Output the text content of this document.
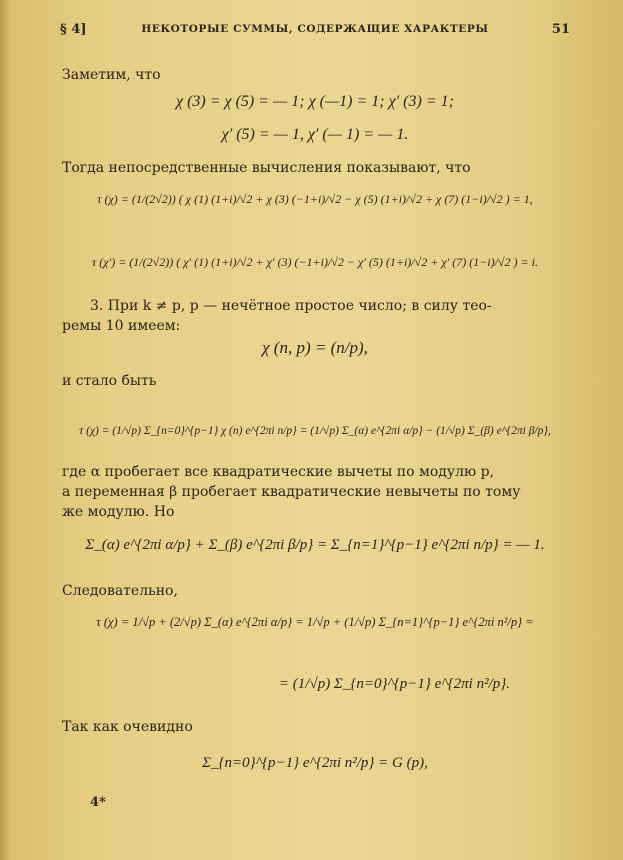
§ 4]	НЕКОТОРЫЕ СУММЫ, СОДЕРЖАЩИЕ ХАРАКТЕРЫ	51
Заметим, что
χ (3) = χ (5) = — 1; χ (—1) = 1; χ′ (3) = 1;
χ′ (5) = — 1, χ′ (— 1) = — 1.
Тогда непосредственные вычисления показывают, что
τ (χ) = (1/(2√2)) ( χ (1) (1+i)/√2 + χ (3) (−1+i)/√2 − χ (5) (1+i)/√2 + χ (7) (1−i)/√2 ) = 1,
τ (χ′) = (1/(2√2)) ( χ′ (1) (1+i)/√2 + χ′ (3) (−1+i)/√2 − χ′ (5) (1+i)/√2 + χ′ (7) (1−i)/√2 ) = i.
3. При k ≠ p, p — нечётное простое число; в силу тео-
ремы 10 имеем:
χ (n, p) = (n/p),
и стало быть
τ (χ) = (1/√p) Σ_{n=0}^{p−1} χ (n) e^{2πi n/p} = (1/√p) Σ_(α) e^{2πi α/p} − (1/√p) Σ_(β) e^{2πi β/p},
где α пробегает все квадратические вычеты по модулю p,
а переменная β пробегает квадратические невычеты по тому
же модулю. Но
Σ_(α) e^{2πi α/p} + Σ_(β) e^{2πi β/p} = Σ_{n=1}^{p−1} e^{2πi n/p} = — 1.
Следовательно,
τ (χ) = 1/√p + (2/√p) Σ_(α) e^{2πi α/p} = 1/√p + (1/√p) Σ_{n=1}^{p−1} e^{2πi n²/p} =
= (1/√p) Σ_{n=0}^{p−1} e^{2πi n²/p}.
Так как очевидно
Σ_{n=0}^{p−1} e^{2πi n²/p} = G (p),
4*
